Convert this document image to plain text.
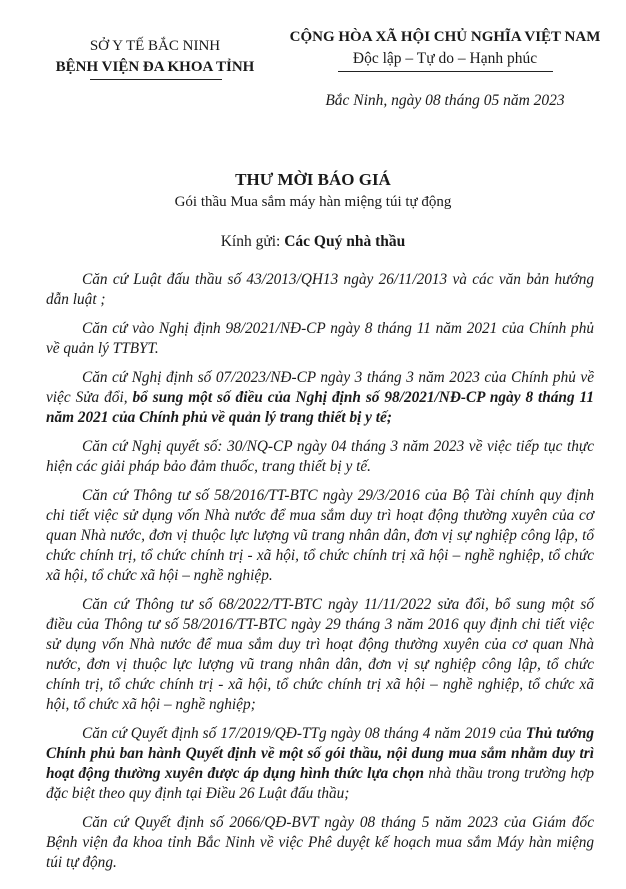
SỞ Y TẾ BẮC NINH
BỆNH VIỆN ĐA KHOA TỈNH
CỘNG HÒA XÃ HỘI CHỦ NGHĨA VIỆT NAM
Độc lập – Tự do – Hạnh phúc
Bắc Ninh, ngày 08 tháng 05 năm 2023
THƯ MỜI BÁO GIÁ
Gói thầu Mua sắm máy hàn miệng túi tự động
Kính gửi: Các Quý nhà thầu

Căn cứ Luật đấu thầu số 43/2013/QH13 ngày 26/11/2013 và các văn bản hướng dẫn luật ;

Căn cứ vào Nghị định 98/2021/NĐ-CP ngày 8 tháng 11 năm 2021 của Chính phủ về quản lý TTBYT.

Căn cứ Nghị định số 07/2023/NĐ-CP ngày 3 tháng 3 năm 2023 của Chính phủ về việc Sửa đổi, bổ sung một số điều của Nghị định số 98/2021/NĐ-CP ngày 8 tháng 11 năm 2021 của Chính phủ về quản lý trang thiết bị y tế;

Căn cứ Nghị quyết số: 30/NQ-CP ngày 04 tháng 3 năm 2023 về việc tiếp tục thực hiện các giải pháp bảo đảm thuốc, trang thiết bị y tế.

Căn cứ Thông tư số 58/2016/TT-BTC ngày 29/3/2016 của Bộ Tài chính quy định chi tiết việc sử dụng vốn Nhà nước để mua sắm duy trì hoạt động thường xuyên của cơ quan Nhà nước, đơn vị thuộc lực lượng vũ trang nhân dân, đơn vị sự nghiệp công lập, tổ chức chính trị, tổ chức chính trị - xã hội, tổ chức chính trị xã hội – nghề nghiệp, tổ chức xã hội, tổ chức xã hội – nghề nghiệp.

Căn cứ Thông tư số 68/2022/TT-BTC ngày 11/11/2022 sửa đổi, bổ sung một số điều của Thông tư số 58/2016/TT-BTC ngày 29 tháng 3 năm 2016 quy định chi tiết việc sử dụng vốn Nhà nước để mua sắm duy trì hoạt động thường xuyên của cơ quan Nhà nước, đơn vị thuộc lực lượng vũ trang nhân dân, đơn vị sự nghiệp công lập, tổ chức chính trị, tổ chức chính trị - xã hội, tổ chức chính trị xã hội – nghề nghiệp, tổ chức xã hội, tổ chức xã hội – nghề nghiệp;

Căn cứ Quyết định số 17/2019/QĐ-TTg ngày 08 tháng 4 năm 2019 của Thủ tướng Chính phủ ban hành Quyết định về một số gói thầu, nội dung mua sắm nhằm duy trì hoạt động thường xuyên được áp dụng hình thức lựa chọn nhà thầu trong trường hợp đặc biệt theo quy định tại Điều 26 Luật đấu thầu;

Căn cứ Quyết định số 2066/QĐ-BVT ngày 08 tháng 5 năm 2023 của Giám đốc Bệnh viện đa khoa tỉnh Bắc Ninh về việc Phê duyệt kế hoạch mua sắm Máy hàn miệng túi tự động.
